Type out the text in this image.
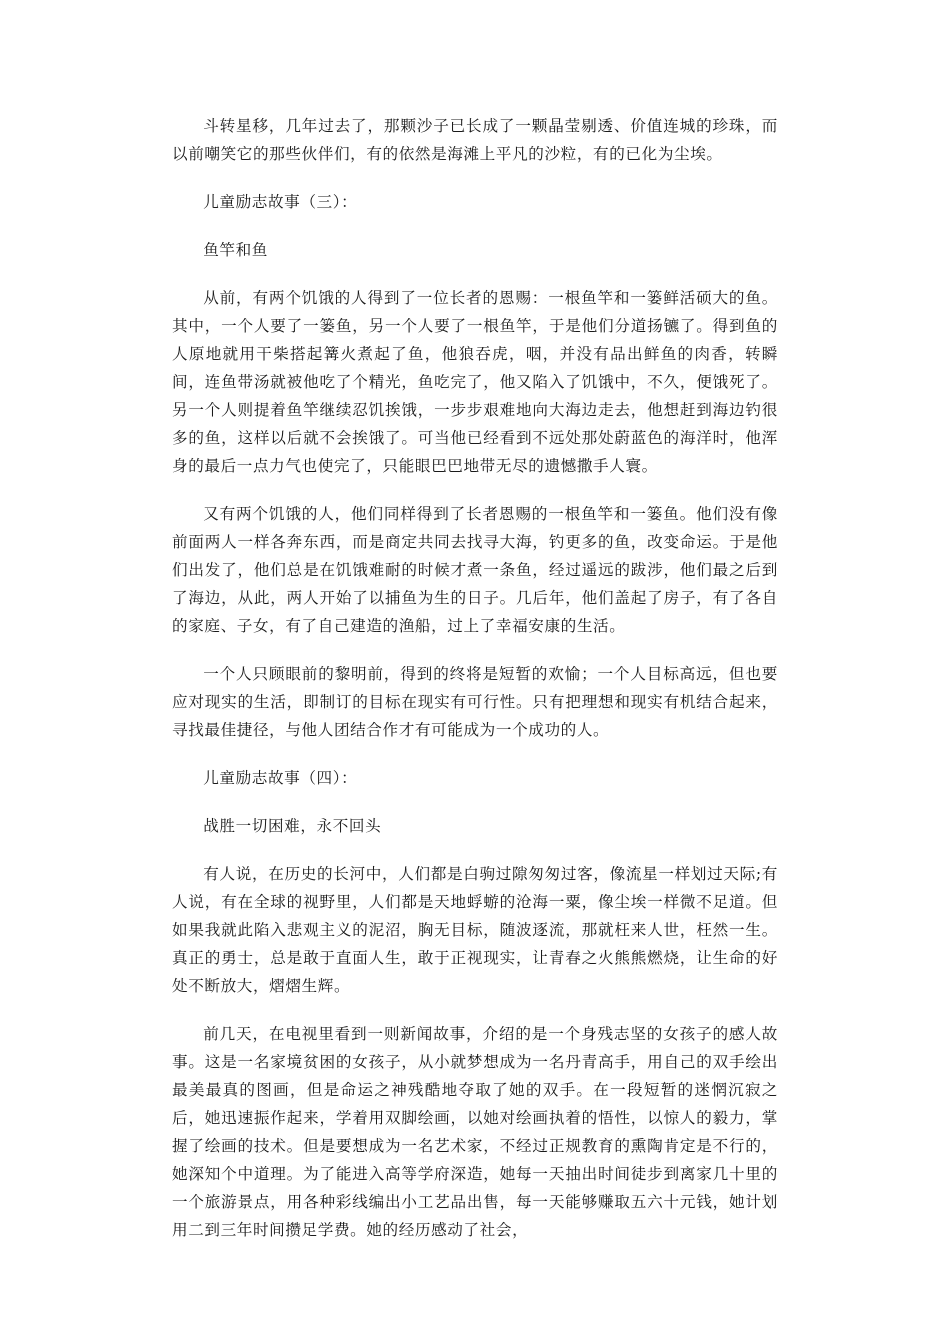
斗转星移，几年过去了，那颗沙子已长成了一颗晶莹剔透、价值连城的珍珠，而以前嘲笑它的那些伙伴们，有的依然是海滩上平凡的沙粒，有的已化为尘埃。

儿童励志故事（三）：

鱼竿和鱼

从前，有两个饥饿的人得到了一位长者的恩赐：一根鱼竿和一篓鲜活硕大的鱼。其中，一个人要了一篓鱼，另一个人要了一根鱼竿，于是他们分道扬镳了。得到鱼的人原地就用干柴搭起篝火煮起了鱼，他狼吞虎，咽，并没有品出鲜鱼的肉香，转瞬间，连鱼带汤就被他吃了个精光，鱼吃完了，他又陷入了饥饿中，不久，便饿死了。另一个人则提着鱼竿继续忍饥挨饿，一步步艰难地向大海边走去，他想赶到海边钓很多的鱼，这样以后就不会挨饿了。可当他已经看到不远处那处蔚蓝色的海洋时，他浑身的最后一点力气也使完了，只能眼巴巴地带无尽的遗憾撒手人寰。

又有两个饥饿的人，他们同样得到了长者恩赐的一根鱼竿和一篓鱼。他们没有像前面两人一样各奔东西，而是商定共同去找寻大海，钓更多的鱼，改变命运。于是他们出发了，他们总是在饥饿难耐的时候才煮一条鱼，经过遥远的跋涉，他们最之后到了海边，从此，两人开始了以捕鱼为生的日子。几后年，他们盖起了房子，有了各自的家庭、子女，有了自己建造的渔船，过上了幸福安康的生活。

一个人只顾眼前的黎明前，得到的终将是短暂的欢愉；一个人目标高远，但也要应对现实的生活，即制订的目标在现实有可行性。只有把理想和现实有机结合起来，寻找最佳捷径，与他人团结合作才有可能成为一个成功的人。

儿童励志故事（四）：

战胜一切困难，永不回头

有人说，在历史的长河中，人们都是白驹过隙匆匆过客，像流星一样划过天际;有人说，有在全球的视野里，人们都是天地蜉蝣的沧海一粟，像尘埃一样微不足道。但如果我就此陷入悲观主义的泥沼，胸无目标，随波逐流，那就枉来人世，枉然一生。真正的勇士，总是敢于直面人生，敢于正视现实，让青春之火熊熊燃烧，让生命的好处不断放大，熠熠生辉。

前几天，在电视里看到一则新闻故事，介绍的是一个身残志坚的女孩子的感人故事。这是一名家境贫困的女孩子，从小就梦想成为一名丹青高手，用自己的双手绘出最美最真的图画，但是命运之神残酷地夺取了她的双手。在一段短暂的迷惘沉寂之后，她迅速振作起来，学着用双脚绘画，以她对绘画执着的悟性，以惊人的毅力，掌握了绘画的技术。但是要想成为一名艺术家，不经过正规教育的熏陶肯定是不行的，她深知个中道理。为了能进入高等学府深造，她每一天抽出时间徒步到离家几十里的一个旅游景点，用各种彩线编出小工艺品出售，每一天能够赚取五六十元钱，她计划用二到三年时间攒足学费。她的经历感动了社会，
